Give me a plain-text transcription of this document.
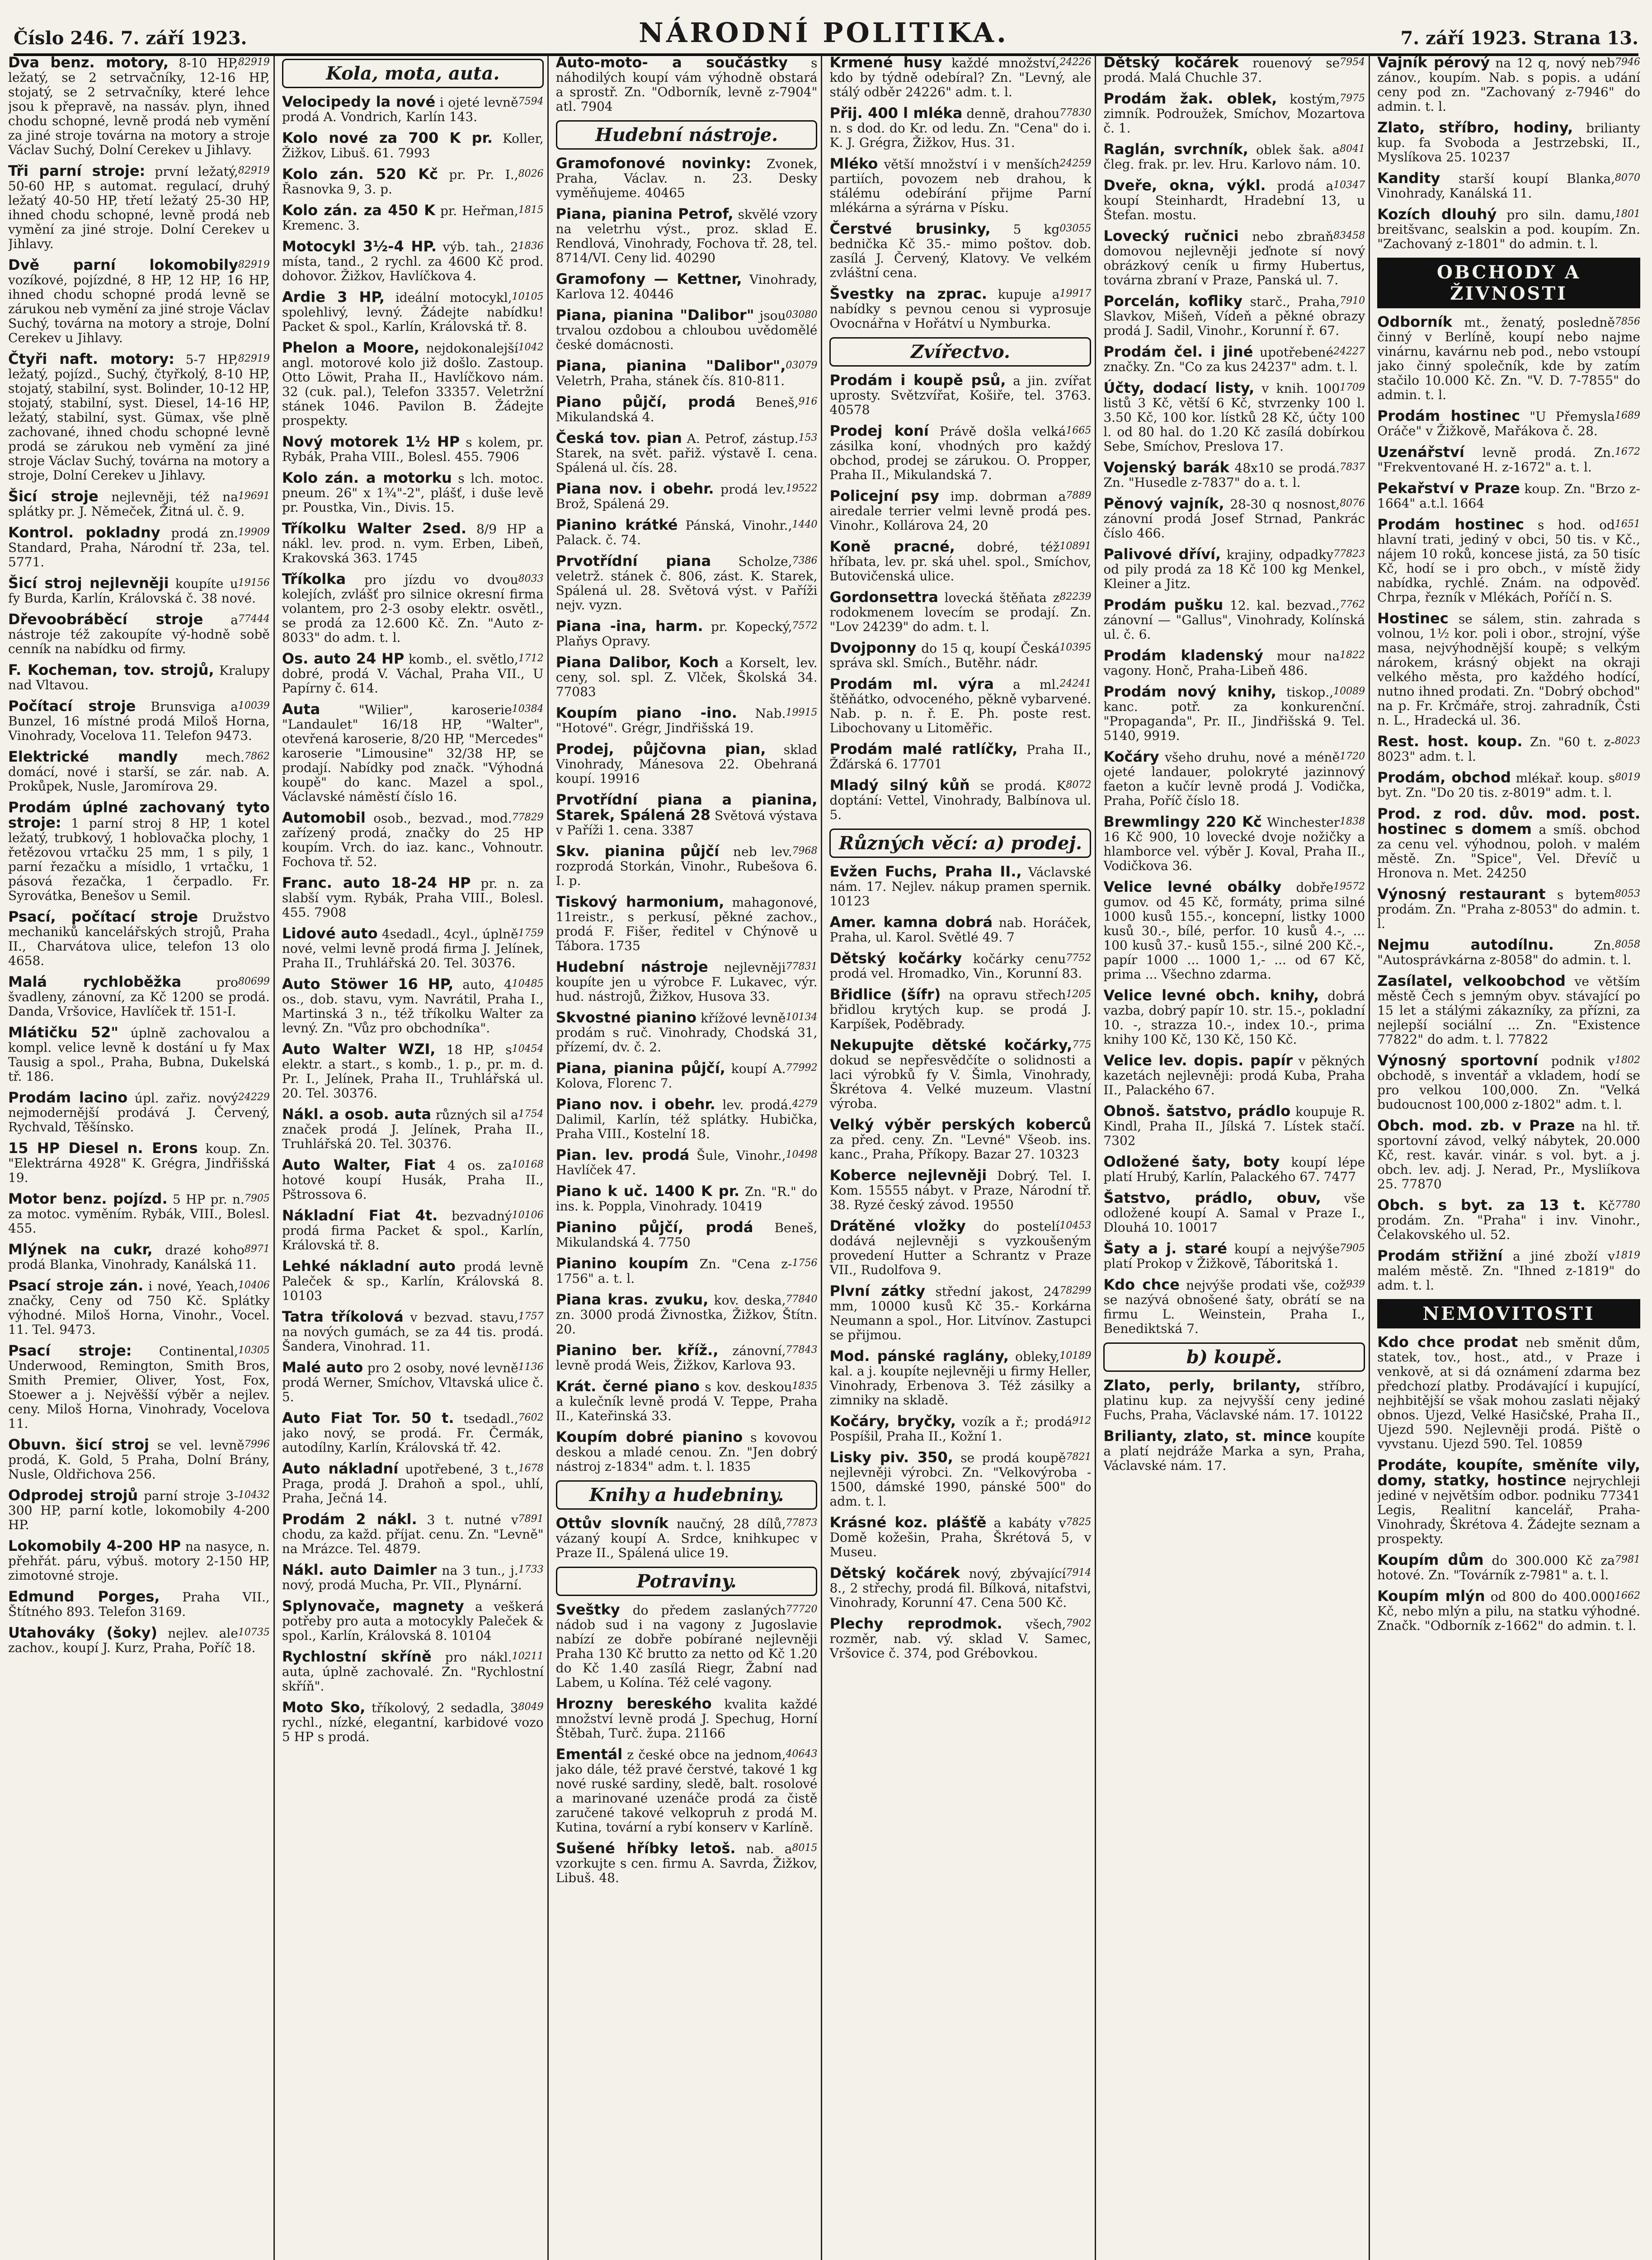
Číslo 246. 7. září 1923.	NÁRODNÍ POLITIKA.	7. září 1923. Strana 13.
82919
Dva benz. motory, 8-10 HP, ležatý, se 2 setrvačníky, 12-16 HP, stojatý, se 2 setrvačníky, které lehce jsou k přepravě, na nassáv. plyn, ihned chodu schopné, levně prodá neb vymění za jiné stroje továrna na motory a stroje Václav Suchý, Dolní Cerekev u Jihlavy.
82919
Tři parní stroje: první ležatý, 50-60 HP, s automat. regulací, druhý ležatý 40-50 HP, třetí ležatý 25-30 HP, ihned chodu schopné, levně prodá neb vymění za jiné stroje. Dolní Cerekev u Jihlavy.
82919
Dvě parní lokomobily vozíkové, pojízdné, 8 HP, 12 HP, 16 HP, ihned chodu schopné prodá levně se zárukou neb vymění za jiné stroje Václav Suchý, továrna na motory a stroje, Dolní Cerekev u Jihlavy.
82919
Čtyři naft. motory: 5-7 HP, ležatý, pojízd., Suchý, čtyřkolý, 8-10 HP, stojatý, stabilní, syst. Bolinder, 10-12 HP, stojatý, stabilní, syst. Diesel, 14-16 HP, ležatý, stabilní, syst. Gümax, vše plně zachované, ihned chodu schopné levně prodá se zárukou neb vymění za jiné stroje Václav Suchý, továrna na motory a stroje, Dolní Cerekev u Jihlavy.
19691
Šicí stroje nejlevněji, též na splátky pr. J. Němeček, Žitná ul. č. 9.
19909
Kontrol. pokladny prodá zn. Standard, Praha, Národní tř. 23a, tel. 5771.
19156
Šicí stroj nejlevněji koupíte u fy Burda, Karlín, Královská č. 38 nové.
77444
Dřevoobráběcí stroje a nástroje též zakoupíte vý-hodně sobě cenník na nabídku od firmy.
F. Kocheman, tov. strojů, Kralupy nad Vltavou.
10039
Počítací stroje Brunsviga a Bunzel, 16 místné prodá Miloš Horna, Vinohrady, Vocelova 11. Telefon 9473.
7862
Elektrické mandly mech. domácí, nové i starší, se zár. nab. A. Prokůpek, Nusle, Jaromírova 29.
Prodám úplné zachovaný tyto stroje: 1 parní stroj 8 HP, 1 kotel ležatý, trubkový, 1 hoblovačka plochy, 1 řetězovou vrtačku 25 mm, 1 s pily, 1 parní řezačku a mísidlo, 1 vrtačku, 1 pásová řezačka, 1 čerpadlo. Fr. Syrovátka, Benešov u Semil.
Psací, počítací stroje Družstvo mechaniků kancelářských strojů, Praha II., Charvátova ulice, telefon 13 olo 4658.
80699
Malá rychloběžka pro švadleny, zánovní, za Kč 1200 se prodá. Danda, Vršovice, Havlíček tř. 151-I.
Mlátičku 52" úplně zachovalou a kompl. velice levně k dostání u fy Max Tausig a spol., Praha, Bubna, Dukelská tř. 186.
24229
Prodám lacino úpl. zařiz. nový nejmodernější prodává J. Červený, Rychvald, Těšínsko.
15 HP Diesel n. Erons koup. Zn. "Elektrárna 4928" K. Grégra, Jindřišská 19.
7905
Motor benz. pojízd. 5 HP pr. n. za motoc. vyměním. Rybák, VIII., Bolesl. 455.
8971
Mlýnek na cukr, drazé koho prodá Blanka, Vinohrady, Kanálská 11.
10406
Psací stroje zán. i nové, Yeach, značky, Ceny od 750 Kč. Splátky výhodné. Miloš Horna, Vinohr., Vocel. 11. Tel. 9473.
10305
Psací stroje: Continental, Underwood, Remington, Smith Bros, Smith Premier, Oliver, Yost, Fox, Stoewer a j. Nejvěšší výběr a nejlev. ceny. Miloš Horna, Vinohrady, Vocelova 11.
7996
Obuvn. šicí stroj se vel. levně prodá, K. Gold, 5 Praha, Dolní Brány, Nusle, Oldřichova 256.
10432
Odprodej strojů parní stroje 3-300 HP, parní kotle, lokomobily 4-200 HP.
Lokomobily 4-200 HP na nasyce, n. přehřát. páru, výbuš. motory 2-150 HP, zimotovné stroje.
Edmund Porges, Praha VII., Štítného 893. Telefon 3169.
10735
Utahováky (šoky) nejlev. ale zachov., koupí J. Kurz, Praha, Poříč 18.
Kola, mota, auta.
7594
Velocipedy la nové i ojeté levně prodá A. Vondrich, Karlín 143.
Kolo nové za 700 K pr. Koller, Žižkov, Libuš. 61. 7993
8026
Kolo zán. 520 Kč pr. Pr. I., Řasnovka 9, 3. p.
1815
Kolo zán. za 450 K pr. Heřman, Kremenc. 3.
1836
Motocykl 3½-4 HP. výb. tah., 2 místa, tand., 2 rychl. za 4600 Kč prod. dohovor. Žižkov, Havlíčkova 4.
10105
Ardie 3 HP, ideální motocykl, spolehlivý, levný. Žádejte nabídku! Packet & spol., Karlín, Královská tř. 8.
1042
Phelon a Moore, nejdokonalejší angl. motorové kolo již došlo. Zastoup. Otto Löwit, Praha II., Havlíčkovo nám. 32 (cuk. pal.), Telefon 33357. Veletržní stánek 1046. Pavilon B. Žádejte prospekty.
Nový motorek 1½ HP s kolem, pr. Rybák, Praha VIII., Bolesl. 455. 7906
Kolo zán. a motorku s lch. motoc. pneum. 26" x 1¾"-2", plášť, i duše levě pr. Poustka, Vin., Divis. 15.
Tříkolku Walter 2sed. 8/9 HP a nákl. lev. prod. n. vym. Erben, Libeň, Krakovská 363. 1745
8033
Tříkolka pro jízdu vo dvou kolejích, zvlášť pro silnice okresní firma volantem, pro 2-3 osoby elektr. osvětl., se prodá za 12.600 Kč. Zn. "Auto z-8033" do adm. t. l.
1712
Os. auto 24 HP komb., el. světlo, dobré, prodá V. Váchal, Praha VII., U Papírny č. 614.
10384
Auta "Wilier", karoserie "Landaulet" 16/18 HP, "Walter", otevřená karoserie, 8/20 HP, "Mercedes" karoserie "Limousine" 32/38 HP, se prodají. Nabídky pod značk. "Výhodná koupě" do kanc. Mazel a spol., Václavské náměstí číslo 16.
77829
Automobil osob., bezvad., mod. zařízený prodá, značky do 25 HP koupím. Vrch. do iaz. kanc., Vohnoutr. Fochova tř. 52.
Franc. auto 18-24 HP pr. n. za slabší vym. Rybák, Praha VIII., Bolesl. 455. 7908
1759
Lidové auto 4sedadl., 4cyl., úplně nové, velmi levně prodá firma J. Jelínek, Praha II., Truhlářská 20. Tel. 30376.
10485
Auto Stöwer 16 HP, auto, 4 os., dob. stavu, vym. Navrátil, Praha I., Martinská 3 n., též tříkolku Walter za levný. Zn. "Vůz pro obchodníka".
10454
Auto Walter WZI, 18 HP, s elektr. a start., s komb., 1. p., pr. m. d. Pr. I., Jelínek, Praha II., Truhlářská ul. 20. Tel. 30376.
1754
Nákl. a osob. auta různých sil a značek prodá J. Jelínek, Praha II., Truhlářská 20. Tel. 30376.
10168
Auto Walter, Fiat 4 os. za hotové koupí Husák, Praha II., Pštrossova 6.
10106
Nákladní Fiat 4t. bezvadný prodá firma Packet & spol., Karlín, Královská tř. 8.
Lehké nákladní auto prodá levně Paleček & sp., Karlín, Královská 8. 10103
1757
Tatra tříkolová v bezvad. stavu, na nových gumách, se za 44 tis. prodá. Šandera, Vinohrad. 11.
1136
Malé auto pro 2 osoby, nové levně prodá Werner, Smíchov, Vltavská ulice č. 5.
7602
Auto Fiat Tor. 50 t. tsedadl., jako nový, se prodá. Fr. Čermák, autodílny, Karlín, Královská tř. 42.
1678
Auto nákladní upotřebené, 3 t., Praga, prodá J. Drahoň a spol., uhlí, Praha, Ječná 14.
7891
Prodám 2 nákl. 3 t. nutné v chodu, za každ. příjat. cenu. Zn. "Levně" na Mrázce. Tel. 4879.
1733
Nákl. auto Daimler na 3 tun., j. nový, prodá Mucha, Pr. VII., Plynární.
Splynovače, magnety a veškerá potřeby pro auta a motocykly Paleček & spol., Karlín, Královská 8. 10104
10211
Rychlostní skříně pro nákl. auta, úplně zachovalé. Zn. "Rychlostní skříň".
8049
Moto Sko, tříkolový, 2 sedadla, 3 rychl., nízké, elegantní, karbidové vozo 5 HP s prodá.
Auto-moto- a součástky s náhodilých koupí vám výhodně obstará a sprostř. Zn. "Odborník, levně z-7904" atl. 7904
Hudební nástroje.
Gramofonové novinky: Zvonek, Praha, Václav. n. 23. Desky vyměňujeme. 40465
Piana, pianina Petrof, skvělé vzory na veletrhu výst., proz. sklad E. Rendlová, Vinohrady, Fochova tř. 28, tel. 8714/VI. Ceny lid. 40290
Gramofony — Kettner, Vinohrady, Karlova 12. 40446
03080
Piana, pianina "Dalibor" jsou trvalou ozdobou a chloubou uvědomělé české domácnosti.
03079
Piana, pianina "Dalibor", Veletrh, Praha, stánek čís. 810-811.
916
Piano půjčí, prodá Beneš, Mikulandská 4.
153
Česká tov. pian A. Petrof, zástup. Starek, na svět. pařiž. výstavě I. cena. Spálená ul. čís. 28.
19522
Piana nov. i obehr. prodá lev. Brož, Spálená 29.
1440
Pianino krátké Pánská, Vinohr., Palack. č. 74.
7386
Prvotřídní piana Scholze, veletrž. stánek č. 806, zást. K. Starek, Spálená ul. 28. Světová výst. v Paříži nejv. vyzn.
7572
Piana -ina, harm. pr. Kopecký, Plaňys Opravy.
Piana Dalibor, Koch a Korselt, lev. ceny, sol. spl. Z. Vlček, Školská 34. 77083
19915
Koupím piano -ino. Nab. "Hotové". Grégr, Jindřišská 19.
Prodej, půjčovna pian, sklad Vinohrady, Mánesova 22. Obehraná koupí. 19916
Prvotřídní piana a pianina, Starek, Spálená 28 Světová výstava v Paříži 1. cena. 3387
7968
Skv. pianina půjčí neb lev. rozprodá Storkán, Vinohr., Rubešova 6. I. p.
Tiskový harmonium, mahagonové, 11reistr., s perkusí, pěkné zachov., prodá F. Fišer, ředitel v Chýnově u Tábora. 1735
77831
Hudební nástroje nejlevněji koupíte jen u výrobce F. Lukavec, výr. hud. nástrojů, Žižkov, Husova 33.
10134
Skvostné pianino křížové levně prodám s ruč. Vinohrady, Chodská 31, přízemí, dv. č. 2.
77992
Piana, pianina půjčí, koupí A. Kolova, Florenc 7.
4279
Piano nov. i obehr. lev. prodá. Dalimil, Karlín, též splátky. Hubička, Praha VIII., Kostelní 18.
10498
Pian. lev. prodá Šule, Vinohr., Havlíček 47.
Piano k uč. 1400 K pr. Zn. "R." do ins. k. Poppla, Vinohrady. 10419
Pianino půjčí, prodá Beneš, Mikulandská 4. 7750
1756
Pianino koupím Zn. "Cena z-1756" a. t. l.
77840
Piana kras. zvuku, kov. deska, zn. 3000 prodá Živnostka, Žižkov, Štítn. 20.
77843
Pianino ber. kříž., zánovní, levně prodá Weis, Žižkov, Karlova 93.
1835
Krát. černé piano s kov. deskou a kulečník levně prodá V. Teppe, Praha II., Kateřinská 33.
Koupím dobré pianino s kovovou deskou a mladé cenou. Zn. "Jen dobrý nástroj z-1834" adm. t. l. 1835
Knihy a hudebniny.
77873
Ottův slovník naučný, 28 dílů, vázaný koupí A. Srdce, knihkupec v Praze II., Spálená ulice 19.
Potraviny.
77720
Sveštky do předem zaslaných nádob sud i na vagony z Jugoslavie nabízí ze dobře pobírané nejlevněji Praha 130 Kč brutto za netto od Kč 1.20 do Kč 1.40 zasílá Riegr, Žabní nad Labem, u Kolína. Též celé vagony.
Hrozny bereského kvalita každé množství levně prodá J. Spechug, Horní Štěbah, Turč. župa. 21166
40643
Ementál z české obce na jednom, jako dále, též pravé čerstvé, takové 1 kg nové ruské sardiny, sledě, balt. rosolové a marinované uzenáče prodá za čistě zaručené takové velkopruh z prodá M. Kutina, tovární a rybí konserv v Karlíně.
8015
Sušené hříbky letoš. nab. a vzorkujte s cen. firmu A. Savrda, Žižkov, Libuš. 48.
24226
Krmené husy každé množství, kdo by týdně odebíral? Zn. "Levný, ale stálý odběr 24226" adm. t. l.
77830
Přij. 400 l mléka denně, drahou n. s dod. do Kr. od ledu. Zn. "Cena" do i. K. J. Grégra, Žižkov, Hus. 31.
24259
Mléko větší množství i v menších partiích, povozem neb drahou, k stálému odebírání přijme Parní mlékárna a sýrárna v Písku.
03055
Čerstvé brusinky, 5 kg bednička Kč 35.- mimo poštov. dob. zasílá J. Červený, Klatovy. Ve velkém zvláštní cena.
19917
Švestky na zprac. kupuje a nabídky s pevnou cenou si vyprosuje Ovocnářna v Hořátví u Nymburka.
Zvířectvo.
Prodám i koupě psů, a jin. zvířat uprosty. Světzvířat, Košiře, tel. 3763. 40578
1665
Prodej koní Právě došla velká zásilka koní, vhodných pro každý obchod, prodej se zárukou. O. Propper, Praha II., Mikulandská 7.
7889
Policejní psy imp. dobrman a airedale terrier velmi levně prodá pes. Vinohr., Kollárova 24, 20
10891
Koně pracné, dobré, též hříbata, lev. pr. ská uhel. spol., Smíchov, Butovičenská ulice.
82239
Gordonsettra lovecká štěňata z rodokmenem lovecím se prodají. Zn. "Lov 24239" do adm. t. l.
10395
Dvojponny do 15 q, koupí Česká správa skl. Smích., Butěhr. nádr.
24241
Prodám ml. výra a ml. štěňátko, odvoceného, pěkně vybarvené. Nab. p. n. ř. E. Ph. poste rest. Libochovany u Litoměřic.
Prodám malé ratlíčky, Praha II., Žďárská 6. 17701
8072
Mladý silný kůň se prodá. K doptání: Vettel, Vinohrady, Balbínova ul. 5.
Různých věcí: a) prodej.
Evžen Fuchs, Praha II., Václavské nám. 17. Nejlev. nákup pramen spernik. 10123
Amer. kamna dobrá nab. Horáček, Praha, ul. Karol. Světlé 49. 7
7752
Dětský kočárky kočárky cenu prodá vel. Hromadko, Vin., Korunní 83.
1205
Břidlice (šífr) na opravu střech břidlou krytých kup. se prodá J. Karpíšek, Poděbrady.
775
Nekupujte dětské kočárky, dokud se nepřesvědčíte o solidnosti a laci výrobků fy V. Šimla, Vinohrady, Škrétova 4. Velké muzeum. Vlastní výroba.
Velký výběr perských koberců za před. ceny. Zn. "Levné" Všeob. ins. kanc., Praha, Příkopy. Bazar 27. 10323
Koberce nejlevněji Dobrý. Tel. I. Kom. 15555 nábyt. v Praze, Národní tř. 38. Ryzé český závod. 19550
10453
Drátěné vložky do postelí dodává nejlevněji s vyzkoušeným provedení Hutter a Schrantz v Praze VII., Rudolfova 9.
78299
Plvní zátky střední jakost, 24 mm, 10000 kusů Kč 35.- Korkárna Neumann a spol., Hor. Litvínov. Zastupci se přijmou.
10189
Mod. pánské raglány, obleky, kal. a j. koupíte nejlevněji u firmy Heller, Vinohrady, Erbenova 3. Též zásilky a zimniky na skladě.
912
Kočáry, bryčky, vozík a ř.; prodá Pospíšil, Praha II., Kožní 1.
7821
Lisky piv. 350, se prodá koupě nejlevněji výrobci. Zn. "Velkovýroba - 1500, dámské 1990, pánské 500" do adm. t. l.
7825
Krásné koz. plášťě a kabáty v Domě kožešin, Praha, Škrétová 5, v Museu.
7914
Dětský kočárek nový, zbývající 8., 2 střechy, prodá fil. Bílková, nitafstvi, Vinohrady, Korunní 47. Cena 500 Kč.
7902
Plechy reprodmok. všech, rozměr, nab. vý. sklad V. Samec, Vršovice č. 374, pod Grébovkou.
7954
Dětský kočárek rouenový se prodá. Malá Chuchle 37.
7975
Prodám žak. oblek, kostým, zimník. Podroužek, Smíchov, Mozartova č. 1.
8041
Raglán, svrchník, oblek šak. a čleg. frak. pr. lev. Hru. Karlovo nám. 10.
10347
Dveře, okna, výkl. prodá a koupí Steinhardt, Hradební 13, u Štefan. mostu.
83458
Lovecký ručnici nebo zbraň domovou nejlevněji jeďnote sí nový obrázkový ceník u firmy Hubertus, továrna zbraní v Praze, Panská ul. 7.
7910
Porcelán, kofliky starč., Praha, Slavkov, Mišeň, Vídeň a pěkné obrazy prodá J. Sadil, Vinohr., Korunní ř. 67.
24227
Prodám čel. i jiné upotřebené značky. Zn. "Co za kus 24237" adm. t. l.
1709
Účty, dodací listy, v knih. 100 listů 3 Kč, větší 6 Kč, stvrzenky 100 l. 3.50 Kč, 100 kor. lístků 28 Kč, účty 100 l. od 80 hal. do 1.20 Kč zasílá dobírkou Sebe, Smíchov, Preslova 17.
7837
Vojenský barák 48x10 se prodá. Zn. "Husedle z-7837" do a. t. l.
8076
Pěnový vajník, 28-30 q nosnost, zánovní prodá Josef Strnad, Pankrác číslo 466.
77823
Palivové dříví, krajiny, odpadky od pily prodá za 18 Kč 100 kg Menkel, Kleiner a Jitz.
7762
Prodám pušku 12. kal. bezvad., zánovní — "Gallus", Vinohrady, Kolínská ul. č. 6.
1822
Prodám kladenský mour na vagony. Honč, Praha-Libeň 486.
10089
Prodám nový knihy, tiskop., kanc. potř. za konkurenční. "Propaganda", Pr. II., Jindřišská 9. Tel. 5140, 9919.
1720
Kočáry všeho druhu, nové a méně ojeté landauer, polokryté jazinnový faeton a kučír levně prodá J. Vodička, Praha, Poříč číslo 18.
1838
Brewmlingy 220 Kč Winchester 16 Kč 900, 10 lovecké dvoje nožičky a hlamborce vel. výběr J. Koval, Praha II., Vodičkova 36.
19572
Velice levné obálky dobře gumov. od 45 Kč, formáty, prima silné 1000 kusů 155.-, koncepní, listky 1000 kusů 30.-, bílé, perfor. 10 kusů 4.-, ... 100 kusů 37.- kusů 155.-, silné 200 Kč.-, papír 1000 ... 1000 1,- ... od 67 Kč, prima ... Všechno zdarma.
Velice levné obch. knihy, dobrá vazba, dobrý papír 10. str. 15.-, pokladní 10. -, strazza 10.-, index 10.-, prima knihy 100 Kč, 130 Kč, 150 Kč.
Velice lev. dopis. papír v pěkných kazetách nejlevněji: prodá Kuba, Praha II., Palackého 67.
Obnoš. šatstvo, prádlo koupuje R. Kindl, Praha II., Jílská 7. Lístek stačí. 7302
Odložené šaty, boty koupí lépe platí Hrubý, Karlín, Palackého 67. 7477
Šatstvo, prádlo, obuv, vše odložené koupí A. Samal v Praze I., Dlouhá 10. 10017
7905
Šaty a j. staré koupí a nejvýše platí Prokop v Žižkově, Táboritská 1.
939
Kdo chce nejvýše prodati vše, což se nazývá obnošené šaty, obrátí se na firmu L. Weinstein, Praha I., Benediktská 7.
b) koupě.
Zlato, perly, brilanty, stříbro, platinu kup. za nejvyšší ceny jediné Fuchs, Praha, Václavské nám. 17. 10122
Brilianty, zlato, st. mince koupíte a platí nejdráže Marka a syn, Praha, Václavské nám. 17.
7946
Vajník pérový na 12 q, nový neb zánov., koupím. Nab. s popis. a udání ceny pod zn. "Zachovaný z-7946" do admin. t. l.
Zlato, stříbro, hodiny, brilianty kup. fa Svoboda a Jestrzebski, II., Myslíkova 25. 10237
8070
Kandity starší koupí Blanka, Vinohrady, Kanálská 11.
1801
Kozích dlouhý pro siln. damu, breitšvanc, sealskin a pod. koupím. Zn. "Zachovaný z-1801" do admin. t. l.
OBCHODY A ŽIVNOSTI
7856
Odborník mt., ženatý, posledně činný v Berlíně, koupí nebo najme vinárnu, kavárnu neb pod., nebo vstoupí jako činný společník, kde by zatím stačilo 10.000 Kč. Zn. "V. D. 7-7855" do admin. t. l.
1689
Prodám hostinec "U Přemysla Oráče" v Žižkově, Mařákova č. 28.
1672
Uzenářství levně prodá. Zn. "Frekventované H. z-1672" a. t. l.
Pekařství v Praze koup. Zn. "Brzo z-1664" a.t.l. 1664
1651
Prodám hostinec s hod. od hlavní trati, jediný v obci, 50 tis. v Kč., nájem 10 roků, koncese jistá, za 50 tisíc Kč, hodí se i pro obch., v místě židy nabídka, rychlé. Znám. na odpověď. Chrpa, řezník v Mlékách, Poříčí n. S.
Hostinec se sálem, stin. zahrada s volnou, 1½ kor. poli i obor., strojní, výše masa, nejvýhodnější koupě; s velkým nárokem, krásný objekt na okraji velkého města, pro každého hodící, nutno ihned prodati. Zn. "Dobrý obchod" na p. Fr. Krčmáře, stroj. zahradník, Čsti n. L., Hradecká ul. 36.
8023
Rest. host. koup. Zn. "60 t. z-8023" adm. t. l.
8019
Prodám, obchod mlékař. koup. s byt. Zn. "Do 20 tis. z-8019" adm. t. l.
Prod. z rod. dův. mod. post. hostinec s domem a smíš. obchod za cenu vel. výhodnou, poloh. v malém městě. Zn. "Spice", Vel. Dřevíč u Hronova n. Met. 24250
8053
Výnosný restaurant s bytem prodám. Zn. "Praha z-8053" do admin. t. l.
8058
Nejmu autodílnu. Zn. "Autosprávkárna z-8058" do admin. t. l.
Zasílatel, velkoobchod ve větším městě Čech s jemným obyv. stávající po 15 let a stálými zákazníky, za přízni, za nejlepší sociální ... Zn. "Existence 77822" do adm. t. l. 77822
1802
Výnosný sportovní podnik v obchodě, s inventář a vkladem, hodí se pro velkou 100,000. Zn. "Velká budoucnost 100,000 z-1802" adm. t. l.
Obch. mod. zb. v Praze na hl. tř. sportovní závod, velký nábytek, 20.000 Kč, rest. kavár. vinár. s vol. byt. a j. obch. lev. adj. J. Nerad, Pr., Mysliíkova 25. 77870
7780
Obch. s byt. za 13 t. Kč prodám. Zn. "Praha" i inv. Vinohr., Čelakovského ul. 52.
1819
Prodám střižní a jiné zboží v malém městě. Zn. "Ihned z-1819" do adm. t. l.
NEMOVITOSTI
Kdo chce prodat neb směnit dům, statek, tov., host., atd., v Praze i venkově, at si dá oznámení zdarma bez předchozí platby. Prodávající i kupující, nejhbitější se však mohou zaslati nějaký obnos. Ujezd, Velké Hasičské, Praha II., Ujezd 590. Nejlevněji prodá. Piště o vyvstanu. Ujezd 590. Tel. 10859
Prodáte, koupíte, směníte vily, domy, statky, hostince nejrychleji jediné v největším odbor. podniku 77341 Legis, Realitní kancelář, Praha-Vinohrady, Škrétova 4. Žádejte seznam a prospekty.
7981
Koupím dům do 300.000 Kč za hotové. Zn. "Továrník z-7981" a. t. l.
1662
Koupím mlýn od 800 do 400.000 Kč, nebo mlýn a pilu, na statku výhodné. Značk. "Odborník z-1662" do admin. t. l.
